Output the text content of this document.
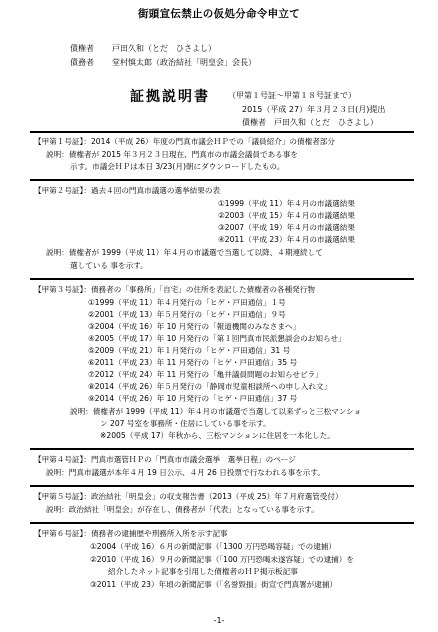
街頭宣伝禁止の仮処分命令申立て
債権者 戸田久和（とだ　ひさよし）
債務者 堂村慎太郎（政治結社「明皇会」会長）
証拠説明書 （甲第１号証～甲第１８号証まで）
2015（平成 27）年３月２３日(月)提出
債権者　戸田久和（とだ　ひさよし）
【甲第１号証】：2014（平成 26）年度の門真市議会ＨＰでの「議員紹介」の債権者部分
説明：債権者が 2015 年３月２３日現在、門真市の市議会議員である事を
示す。市議会ＨＰは本日 3/23(月)朝にダウンロードしたもの。
【甲第２号証】：過去４回の門真市議選の選挙結果の表
①1999（平成 11）年４月の市議選結果
②2003（平成 15）年４月の市議選結果
③2007（平成 19）年４月の市議選結果
④2011（平成 23）年４月の市議選結果
説明：債権者が 1999（平成 11）年４月の市議選で当選して以降、４期連続して
選している 事を示す。
【甲第３号証】：債務者の「事務所」「自宅」の住所を表記した債権者の各種発行物
①1999（平成 11）年４月発行の「ヒゲ・戸田通信」１号
②2001（平成 13）年５月発行の「ヒゲ・戸田通信」９号
③2004（平成 16）年 10 月発行の「報道機関のみなさまへ」
④2005（平成 17）年 10 月発行の「第１回門真市民派懇談会のお知らせ」
⑤2009（平成 21）年１月発行の「ヒゲ・戸田通信」31 号
⑥2011（平成 23）年 11 月発行の「ヒゲ・戸田通信」35 号
⑦2012（平成 24）年 11 月発行の「亀井議員問題のお知らせビラ」
⑧2014（平成 26）年５月発行の「静岡市児童相談所への申し入れ文」
⑨2014（平成 26）年 10 月発行の「ヒゲ・戸田通信」37 号
説明：債権者が 1999（平成 11）年４月の市議選で当選して以来ずっと三松マンショ
ン 207 号室を事務所・住居にしている事を示す。
※2005（平成 17）年秋から、三松マンションに住居を一本化した。
【甲第４号証】：門真市選管ＨＰの「門真市市議会選挙　選挙日程」のページ
説明：門真市議選が本年４月 19 日公示、４月 26 日投票で行なわれる事を示す。
【甲第５号証】：政治結社「明皇会」の収支報告書（2013（平成 25）年７月府選管受付）
説明：政治結社「明皇会」が存在し、債務者が「代表」となっている事を示す。
【甲第６号証】：債務者の逮捕歴や刑務所入所を示す記事
①2004（平成 16）６月の新聞記事（「1300 万円恐喝容疑」での逮捕）
②2010（平成 16）９月の新聞記事（「100 万円恐喝未遂容疑」での逮捕）を
紹介したネット記事を引用した債権者のＨＰ掲示板記事
③2011（平成 23）年頃の新聞記事（「名誉毀損」街宣で門真署が逮捕）
-1-
